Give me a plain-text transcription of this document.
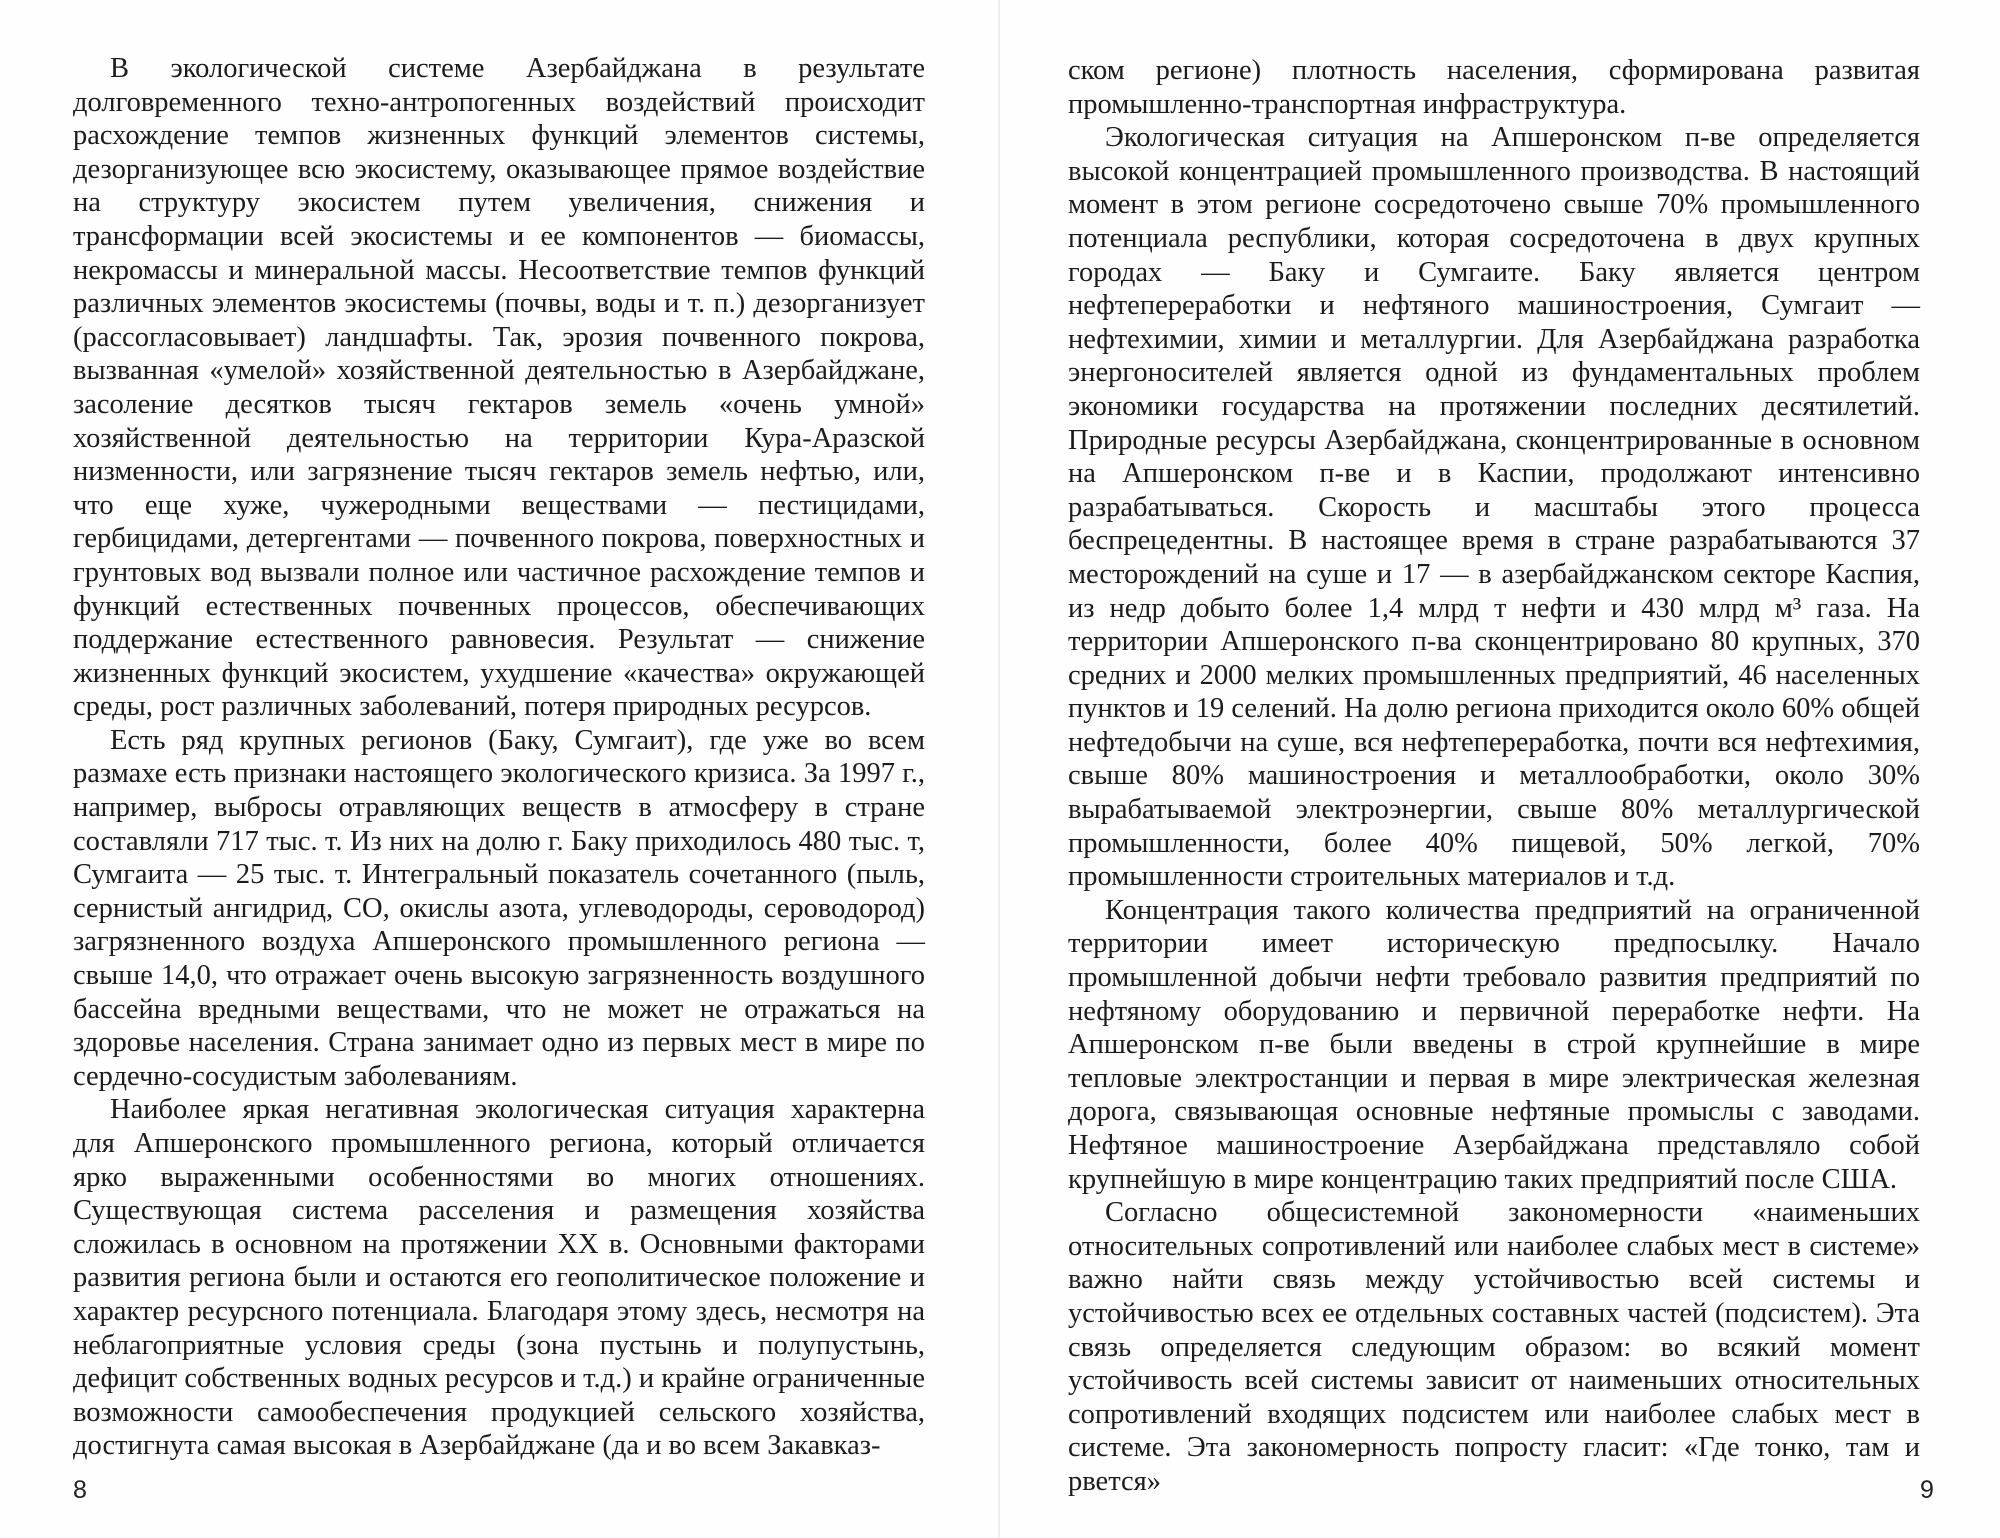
В экологической системе Азербайджана в результате долговременного техно-антропогенных воздействий происходит расхождение темпов жизненных функций элементов системы, дезорганизующее всю экосистему, оказывающее прямое воздействие на структуру экосистем путем увеличения, снижения и трансформации всей экосистемы и ее компонентов — биомассы, некромассы и минеральной массы. Несоответствие темпов функций различных элементов экосистемы (почвы, воды и т. п.) дезорганизует (рассогласовывает) ландшафты. Так, эрозия почвенного покрова, вызванная «умелой» хозяйственной деятельностью в Азербайджане, засоление десятков тысяч гектаров земель «очень умной» хозяйственной деятельностью на территории Кура-Аразской низменности, или загрязнение тысяч гектаров земель нефтью, или, что еще хуже, чужеродными веществами — пестицидами, гербицидами, детергентами — почвенного покрова, поверхностных и грунтовых вод вызвали полное или частичное расхождение темпов и функций естественных почвенных процессов, обеспечивающих поддержание естественного равновесия. Результат — снижение жизненных функций экосистем, ухудшение «качества» окружающей среды, рост различных заболеваний, потеря природных ресурсов.

Есть ряд крупных регионов (Баку, Сумгаит), где уже во всем размахе есть признаки настоящего экологического кризиса. За 1997 г., например, выбросы отравляющих веществ в атмосферу в стране составляли 717 тыс. т. Из них на долю г. Баку приходилось 480 тыс. т, Сумгаита — 25 тыс. т. Интегральный показатель сочетанного (пыль, сернистый ангидрид, СО, окислы азота, углеводороды, сероводород) загрязненного воздуха Апшеронского промышленного региона — свыше 14,0, что отражает очень высокую загрязненность воздушного бассейна вредными веществами, что не может не отражаться на здоровье населения. Страна занимает одно из первых мест в мире по сердечно-сосудистым заболеваниям.

Наиболее яркая негативная экологическая ситуация характерна для Апшеронского промышленного региона, который отличается ярко выраженными особенностями во многих отношениях. Существующая система расселения и размещения хозяйства сложилась в основном на протяжении XX в. Основными факторами развития региона были и остаются его геополитическое положение и характер ресурсного потенциала. Благодаря этому здесь, несмотря на неблагоприятные условия среды (зона пустынь и полупустынь, дефицит собственных водных ресурсов и т.д.) и крайне ограниченные возможности самообеспечения продукцией сельского хозяйства, достигнута самая высокая в Азербайджане (да и во всем Закавказ-

8

ском регионе) плотность населения, сформирована развитая промышленно-транспортная инфраструктура.

Экологическая ситуация на Апшеронском п-ве определяется высокой концентрацией промышленного производства. В настоящий момент в этом регионе сосредоточено свыше 70% промышленного потенциала республики, которая сосредоточена в двух крупных городах — Баку и Сумгаите. Баку является центром нефтепереработки и нефтяного машиностроения, Сумгаит — нефтехимии, химии и металлургии. Для Азербайджана разработка энергоносителей является одной из фундаментальных проблем экономики государства на протяжении последних десятилетий. Природные ресурсы Азербайджана, сконцентрированные в основном на Апшеронском п-ве и в Каспии, продолжают интенсивно разрабатываться. Скорость и масштабы этого процесса беспрецедентны. В настоящее время в стране разрабатываются 37 месторождений на суше и 17 — в азербайджанском секторе Каспия, из недр добыто более 1,4 млрд т нефти и 430 млрд м³ газа. На территории Апшеронского п-ва сконцентрировано 80 крупных, 370 средних и 2000 мелких промышленных предприятий, 46 населенных пунктов и 19 селений. На долю региона приходится около 60% общей нефтедобычи на суше, вся нефтепереработка, почти вся нефтехимия, свыше 80% машиностроения и металлообработки, около 30% вырабатываемой электроэнергии, свыше 80% металлургической промышленности, более 40% пищевой, 50% легкой, 70% промышленности строительных материалов и т.д.

Концентрация такого количества предприятий на ограниченной территории имеет историческую предпосылку. Начало промышленной добычи нефти требовало развития предприятий по нефтяному оборудованию и первичной переработке нефти. На Апшеронском п-ве были введены в строй крупнейшие в мире тепловые электростанции и первая в мире электрическая железная дорога, связывающая основные нефтяные промыслы с заводами. Нефтяное машиностроение Азербайджана представляло собой крупнейшую в мире концентрацию таких предприятий после США.

Согласно общесистемной закономерности «наименьших относительных сопротивлений или наиболее слабых мест в системе» важно найти связь между устойчивостью всей системы и устойчивостью всех ее отдельных составных частей (подсистем). Эта связь определяется следующим образом: во всякий момент устойчивость всей системы зависит от наименьших относительных сопротивлений входящих подсистем или наиболее слабых мест в системе. Эта закономерность попросту гласит: «Где тонко, там и рвется»	9
